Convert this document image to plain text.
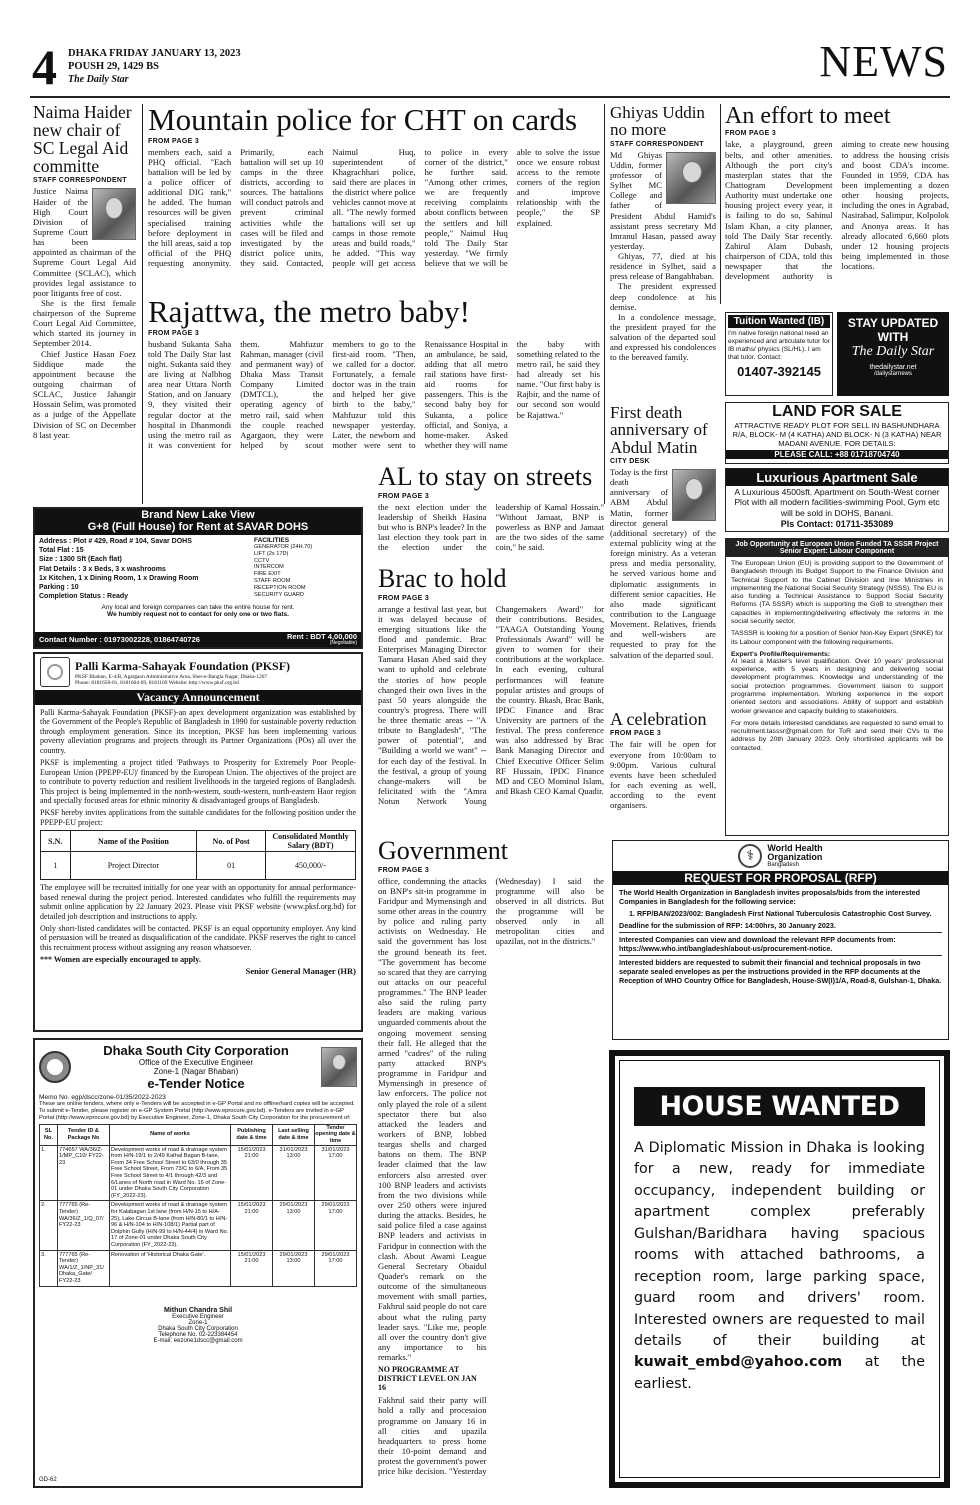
4 DHAKA FRIDAY JANUARY 13, 2023
POUSH 29, 1429 BS
The Daily Star	NEWS
Naima Haider new chair of SC Legal Aid committe
STAFF CORRESPONDENT
Justice Naima Haider of the High Court Division of Supreme Court has been appointed as chairman of the Supreme Court Legal Aid Committee (SCLAC), which provides legal assistance to poor litigants free of cost.
She is the first female chairperson of the Supreme Court Legal Aid Committee, which started its journey in September 2014.
Chief Justice Hasan Foez Siddique made the appointment because the outgoing chairman of SCLAC, Justice Jahangir Hossain Selim, was promoted as a judge of the Appellate Division of SC on December 8 last year.
Mountain police for CHT on cards
FROM PAGE 3
members each, said a PHQ official. "Each battalion will be led by a police officer of additional DIG rank," he added. The human resources will be given specialised training before deployment in the hill areas, said a top official of the PHQ requesting anonymity. Primarily, each battalion will set up 10 camps in the three districts, according to sources. The battalions will conduct patrols and prevent criminal activities while the cases will be filed and investigated by the district police units, they said. Contacted, Naimul Huq, superintendent of Khagrachhari police, said there are places in the district where police vehicles cannot move at all. "The newly formed battalions will set up camps in those remote areas and build roads," he added. "This way people will get access to police in every corner of the district," he further said. "Among other crimes, we are frequently receiving complaints about conflicts between the settlers and hill people," Naimul Huq told The Daily Star yesterday. "We firmly believe that we will be able to solve the issue once we ensure robust access to the remote corners of the region and improve relationship with the people," the SP explained.
Rajattwa, the metro baby!
FROM PAGE 3
husband Sukanta Saha told The Daily Star last night. Sukanta said they are living at Nalbhog area near Uttara North Station, and on January 9, they visited their regular doctor at the hospital in Dhanmondi using the metro rail as it was convenient for them. Mahfuzur Rahman, manager (civil and permanent way) of Dhaka Mass Transit Company Limited (DMTCL), the operating agency of metro rail, said when the couple reached Agargaon, they were helped by scout members to go to the first-aid room. "Then, we called for a doctor. Fortunately, a female doctor was in the train and helped her give birth to the baby," Mahfuzur told this newspaper yesterday. Later, the newborn and mother were sent to Renaissance Hospital in an ambulance, he said, adding that all metro rail stations have first-aid rooms for passengers. This is the second baby boy for Sukanta, a police official, and Soniya, a home-maker. Asked whether they will name the baby with something related to the metro rail, he said they had already set his name. "Our first baby is Rajbir, and the name of our second son would be Rajattwa."
Ghiyas Uddin no more
STAFF CORRESPONDENT
Md Ghiyas Uddin, former professor of Sylhet MC College and father of President Abdul Hamid's assistant press secretary Md Imranul Hasan, passed away yesterday.
Ghiyas, 77, died at his residence in Sylhet, said a press release of Bangabhaban.
The president expressed deep condolence at his demise.
In a condolence message, the president prayed for the salvation of the departed soul and expressed his condolences to the bereaved family.
First death anniversary of Abdul Matin
CITY DESK
Today is the first death anniversary of ABM Abdul Matin, former director general (additional secretary) of the external publicity wing at the foreign ministry. As a veteran press and media personality, he served various home and diplomatic assignments in different senior capacities. He also made significant contribution to the Language Movement. Relatives, friends and well-wishers are requested to pray for the salvation of the departed soul.
An effort to meet
FROM PAGE 3
lake, a playground, green belts, and other amenities. Although the port city's masterplan states that the Chattogram Development Authority must undertake one housing project every year, it is failing to do so, Sahinul Islam Khan, a city planner, told The Daily Star recently. Zahirul Alam Dubash, chairperson of CDA, told this newspaper that the development authority is aiming to create new housing to address the housing crisis and boost CDA's income. Founded in 1959, CDA has been implementing a dozen other housing projects, including the ones in Agrabad, Nasirabad, Salimpur, Kolpolok and Anonya areas. It has already allocated 6,660 plots under 12 housing projects being implemented in those locations.
Tuition Wanted (IB)
I'm native foreign national need an experienced and articulate tutor for IB maths/ physics (SL/HL). I am that tutor. Contact:
01407-392145
STAY UPDATED
WITH
The Daily Star
thedailystar.net
/dailystarnews
LAND FOR SALE
ATTRACTIVE READY PLOT FOR SELL IN BASHUNDHARA R/A, BLOCK- M (4 KATHA) AND BLOCK- N (3 KATHA) NEAR MADANI AVENUE. FOR DETAILS:
PLEASE CALL: +88 01718704740
Luxurious Apartment Sale
A Luxurious 4500sft. Apartment on South-West corner Plot with all modern facilities-swimming Pool, Gym etc will be sold in DOHS, Banani.
Pls Contact: 01711-353089
Brand New Lake View
G+8 (Full House) for Rent at SAVAR DOHS
Address : Plot # 429, Road # 104, Savar DOHS
Total Flat : 15
Size : 1300 Sft (Each flat)
Flat Details : 3 x Beds, 3 x washrooms
1x Kitchen, 1 x Dining Room, 1 x Drawing Room
Parking : 10
Completion Status : Ready
FACILITIES
GENERATOR (24H.70)
LIFT (2x 17D)
CCTV
INTERCOM
FIRE EXIT
STAFF ROOM
RECEPTION ROOM
SECURITY GUARD
Any local and foreign companies can take the entire house for rent.
We humbly request not to contact for only one or two flats.
Contact Number : 01973002228, 01864740726	Rent : BDT 4,00,000
(Negotiable)
Palli Karma-Sahayak Foundation (PKSF)
PKSF Bhaban, E-4/B, Agargaon Administrative Area, Sher-e-Bangla Nagar, Dhaka-1207
Phone: 8181658-61, 8181664-69, 8181169 Website: http://www.pksf.org.bd
Vacancy Announcement
Palli Karma-Sahayak Foundation (PKSF)-an apex development organization was established by the Government of the People's Republic of Bangladesh in 1990 for sustainable poverty reduction through employment generation. Since its inception, PKSF has been implementing various poverty alleviation programs and projects through its Partner Organizations (POs) all over the country.
PKSF is implementing a project titled 'Pathways to Prosperity for Extremely Poor People-European Union (PPEPP-EU)' financed by the European Union. The objectives of the project are to contribute to poverty reduction and resilient livelihoods in the targeted regions of Bangladesh. This project is being implemented in the north-western, south-western, north-eastern Haor region and specially focused areas for ethnic minority & disadvantaged groups of Bangladesh.
PKSF hereby invites applications from the suitable candidates for the following position under the PPEPP-EU project:
S.N.	Name of the Position	No. of Post	Consolidated Monthly Salary (BDT)
1	Project Director	01	450,000/-
The employee will be recruited initially for one year with an opportunity for annual performance-based renewal during the project period. Interested candidates who fulfill the requirements may submit online application by 22 January 2023. Please visit PKSF website (www.pksf.org.bd) for detailed job description and instructions to apply.
Only short-listed candidates will be contacted. PKSF is an equal opportunity employer. Any kind of persuasion will be treated as disqualification of the candidate. PKSF reserves the right to cancel this recruitment process without assigning any reason whatsoever.
*** Women are especially encouraged to apply.
Senior General Manager (HR)
Dhaka South City Corporation
Office of the Executive Engineer
Zone-1 (Nagar Bhaban)
e-Tender Notice
Memo No. egp/dscc/zone-01/35/2022-2023
These are online tenders, where only e-Tenders will be accepted in e-GP Portal and no offline/hard copies will be accepted. To submit e-Tender, please register on e-GP System Portal (http://www.eprocure.gov.bd). e-Tenders are invited in e-GP Portal (http://www.eprocure.gov.bd) by Executive Engineer, Zone-1, Dhaka South City Corporation for the procurement of:
SL No.	Tender ID & Package No	Name of works	Publishing date & time	Last selling date & time	Tender opening date & time
1.	774657 WA/36/Z-1/MP_C10/ FY22-23	Development works of road & drainage system from H/N-19/1 to 2/49 Kathal Bagan B-lane, From 34 Free School Street to 63/0 through 35 Free School Street, From 73/C to 6/A, From 35 Free School Street to 4/1 through 42/3 and 6/Lanes of North road in Ward No. 16 of Zone-01 under Dhaka South City Corporation (FY_2022-23).	15/01/2023 21:00	31/01/2023 13:00	31/01/2023 17:00
2.	777765 (Re-Tender) WA/36/Z_1/Q_07/ FY22-23	Development works of road & drainage system for Kalabagan 1st lane (from H/N-15 to H/A-25), Lake Circus B-lane (from H/N-80/1 to H/N-96 & H/N-104 to H/N-108/1) Partial part of Dolphin Gully (H/N-99 to H/N-44/4) in Ward No. 17 of Zone-01 under Dhaka South City Corporation (FY_2022-23).	15/01/2023 21:00	29/01/2023 13:00	29/01/2023 17:00
3.	777765 (Re-Tender) WA/1/Z_1/NP_31/ Dhaka_Gate/ FY22-23	Renovation of 'Historical Dhaka Gate'.	15/01/2023 21:00	29/01/2023 13:00	29/01/2023 17:00
Mithun Chandra Shil
Executive Engineer
Zone-1
Dhaka South City Corporation
Telephone No. 02-223384454
E-mail: eezone1dscc@gmail.com
GD-62
AL to stay on streets
FROM PAGE 3
the next election under the leadership of Sheikh Hasina but who is BNP's leader? In the last election they took part in the election under the leadership of Kamal Hossain." "Without Jamaat, BNP is powerless as BNP and Jamaat are the two sides of the same coin," he said.
Brac to hold
FROM PAGE 3
arrange a festival last year, but it was delayed because of emerging situations like the flood and pandemic. Brac Enterprises Managing Director Tamara Hasan Abed said they want to uphold and celebrate the stories of how people changed their own lives in the past 50 years alongside the country's progress. There will be three thematic areas -- "A tribute to Bangladesh", "The power of potential", and "Building a world we want" -- for each day of the festival. In the festival, a group of young change-makers will be felicitated with the "Amra Notun Network Young Changemakers Award" for their contributions. Besides, "TAAGA Outstanding Young Professionals Award" will be given to women for their contributions at the workplace. In each evening, cultural performances will feature popular artistes and groups of the country. Bkash, Brac Bank, IPDC Finance and Brac University are partners of the festival. The press conference was also addressed by Brac Bank Managing Director and Chief Executive Officer Selim RF Hussain, IPDC Finance MD and CEO Mominul Islam, and Bkash CEO Kamal Quadir.
A celebration
FROM PAGE 3
The fair will be open for everyone from 10:00am to 9:00pm. Various cultural events have been scheduled for each evening as well, according to the event organisers.
Job Opportunity at European Union Funded TA SSSR Project
Senior Expert: Labour Component
The European Union (EU) is providing support to the Government of Bangladesh through its Budget Support to the Finance Division and Technical Support to the Cabinet Division and line Ministries in implementing the National Social Security Strategy (NSSS). The EU is also funding a Technical Assistance to Support Social Security Reforms (TA SSSR) which is supporting the GoB to strengthen their capacities in implementing/delivering effectively the reforms in the social security sector.
TASSSR is looking for a position of Senior Non-Key Expert (SNKE) for its Labour component with the following requirements.
Expert's Profile/Requirements:
At least a Master's level qualification. Over 10 years' professional experience, with 5 years in designing and delivering social development programmes. Knowledge and understanding of the social protection programmes. Government liaison to support programme implementation. Working experience in the export oriented sectors and associations. Ability of support and establish worker grievance and capacity building to stakeholders.
For more details Interested candidates are requested to send email to recruitment.tasssr@gmail.com for ToR and send their CVs to the address by 20th January 2023. Only shortlisted applicants will be contacted.
Government
FROM PAGE 3
office, condemning the attacks on BNP's sit-in programme in Faridpur and Mymensingh and some other areas in the country by police and ruling party activists on Wednesday. He said the government has lost the ground beneath its feet. "The government has become so scared that they are carrying out attacks on our peaceful programmes." The BNP leader also said the ruling party leaders are making various unguarded comments about the ongoing movement sensing their fall. He alleged that the armed "cadres" of the ruling party attacked BNP's programme in Faridpur and Mymensingh in presence of law enforcers. The police not only played the role of a silent spectator there but also attacked the leaders and workers of BNP, lobbed teargas shells and charged batons on them. The BNP leader claimed that the law enforcers also arrested over 100 BNP leaders and activists from the two divisions while over 250 others were injured during the attacks. Besides, he said police filed a case against BNP leaders and activists in Faridpur in connection with the clash. About Awami League General Secretary Obaidul Quader's remark on the outcome of the simultaneous movement with small parties, Fakhrul said people do not care about what the ruling party leader says. "Like me, people all over the country don't give any importance to his remarks."
NO PROGRAMME AT DISTRICT LEVEL ON JAN 16
Fakhrul said their party will hold a rally and procession programme on January 16 in all cities and upazila headquarters to press home their 10-point demand and protest the government's power price hike decision. "Yesterday (Wednesday) I said the programme will also be observed in all districts. But the programme will be observed only in all metropolitan cities and upazilas, not in the districts."
⚕	World Health
Organization
Bangladesh
REQUEST FOR PROPOSAL (RFP)
The World Health Organization in Bangladesh invites proposals/bids from the interested Companies in Bangladesh for the following service:
1. RFP/BAN/2023/002: Bangladesh First National Tuberculosis Catastrophic Cost Survey.
Deadline for the submission of RFP: 14:00hrs, 30 January 2023.
Interested Companies can view and download the relevant RFP documents from: https://www.who.int/bangladesh/about-us/procurement-notice.
Interested bidders are requested to submit their financial and technical proposals in two separate sealed envelopes as per the instructions provided in the RFP documents at the Reception of WHO Country Office for Bangladesh, House-SW(I)1/A, Road-8, Gulshan-1, Dhaka.
HOUSE WANTED
A Diplomatic Mission in Dhaka is looking for a new, ready for immediate occupancy, independent building or apartment complex preferably Gulshan/Baridhara having spacious rooms with attached bathrooms, a reception room, large parking space, guard room and drivers' room. Interested owners are requested to mail details of their building at kuwait_embd@yahoo.com at the earliest.
